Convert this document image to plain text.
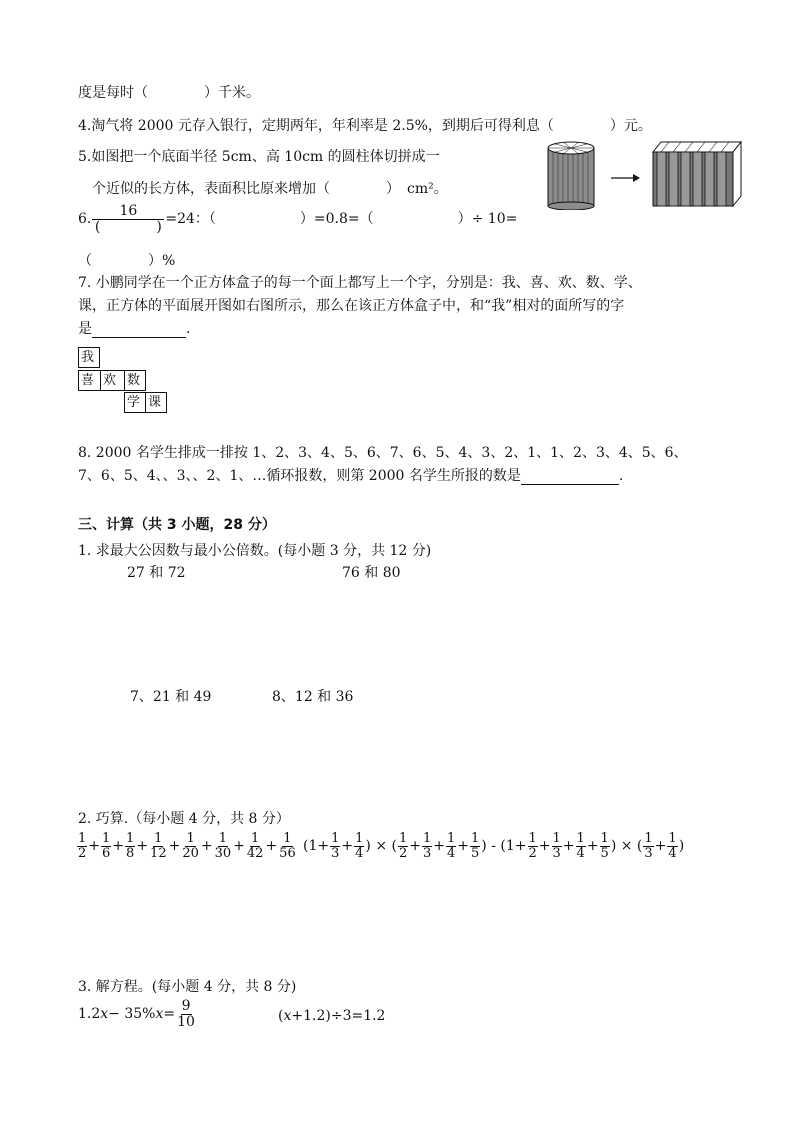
度是每时（　　　　）千米。
4.淘气将 2000 元存入银行，定期两年，年利率是 2.5%，到期后可得利息（　　　　）元。
5.如图把一个底面半径 5cm、高 10cm 的圆柱体切拼成一
个近似的长方体，表面积比原来增加（　　　　）　cm²。
6. $\frac{16}{( )} =24$：（　　　　　　）=0.8=（　　　　　　）÷ 10=
（　　　　）%
7. 小鹏同学在一个正方体盒子的每一个面上都写上一个字，分别是：我、喜、欢、数、学、
课，正方体的平面展开图如右图所示，那么在该正方体盒子中，和“我”相对的面所写的字
是	.
我
喜 欢 数
学 课
8. 2000 名学生排成一排按 1、2、3、4、5、6、7、6、5、4、3、2、1、1、2、3、4、5、6、
7、6、5、4、、3、、2、1、…循环报数，则第 2000 名学生所报的数是	.
三、计算（共 3 小题，28 分）
1. 求最大公因数与最小公倍数。(每小题 3 分，共 12 分)
27 和 72	76 和 80
7、21 和 49	8、12 和 36
2. 巧算.（每小题 4 分，共 8 分）
$\frac{1}{2} + \frac{1}{6} + \frac{1}{8} + \frac{1}{12} + \frac{1}{20} + \frac{1}{30} + \frac{1}{42} + \frac{1}{56} (1+ \frac{1}{3} + \frac{1}{4}$ ) × ( $\frac{1}{2} + \frac{1}{3} + \frac{1}{4} + \frac{1}{5}$ ) - ($1+ \frac{1}{2} + \frac{1}{3} + \frac{1}{4} + \frac{1}{5}$ ) × ( $\frac{1}{3} + \frac{1}{4}$ )
3. 解方程。(每小题 4 分，共 8 分)
$1.2x- 35\%x= \frac{9}{10}$	(x+1.2)÷3=1.2
